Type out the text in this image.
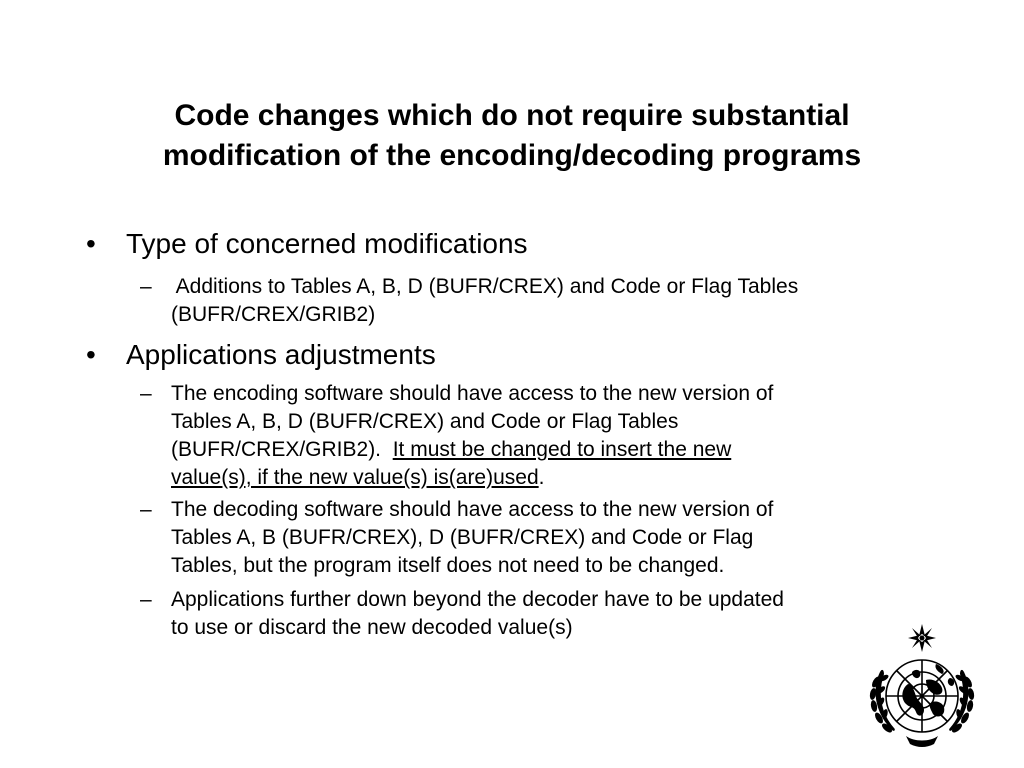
Code changes which do not require substantial
modification of the encoding/decoding programs
• Type of concerned modifications
– Additions to Tables A, B, D (BUFR/CREX) and Code or Flag Tables
(BUFR/CREX/GRIB2)
• Applications adjustments
– The encoding software should have access to the new version of
Tables A, B, D (BUFR/CREX) and Code or Flag Tables
(BUFR/CREX/GRIB2).  It must be changed to insert the new
value(s), if the new value(s) is(are)used.
– The decoding software should have access to the new version of
Tables A, B (BUFR/CREX), D (BUFR/CREX) and Code or Flag
Tables, but the program itself does not need to be changed.
– Applications further down beyond the decoder have to be updated
to use or discard the new decoded value(s)
